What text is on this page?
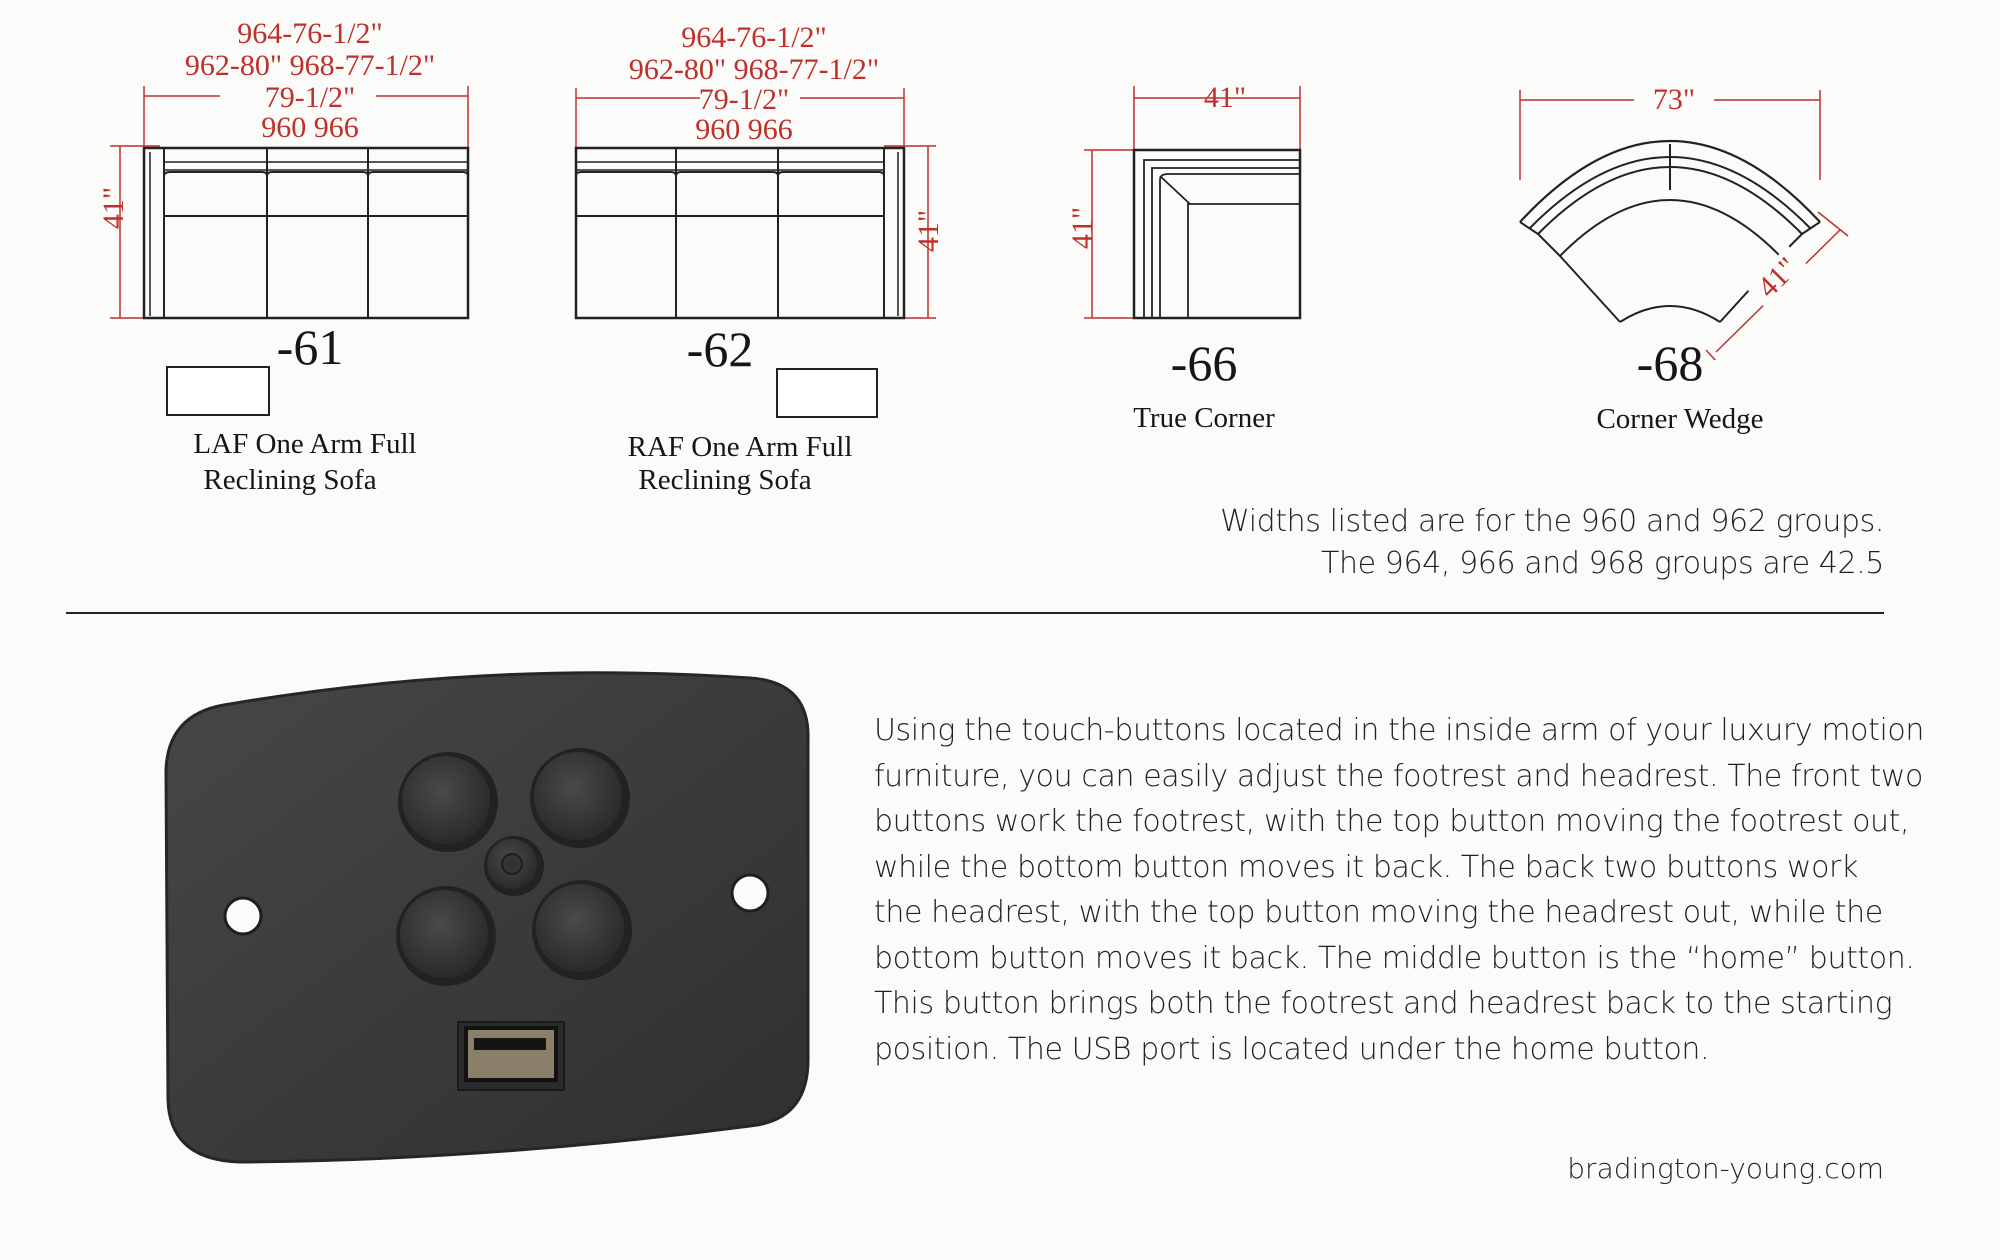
964-76-1/2"
962-80" 968-77-1/2"
79-1/2"
960 966
41"
-61
LAF One Arm Full
Reclining Sofa
964-76-1/2"
962-80" 968-77-1/2"
79-1/2"
960 966
41"
-62
RAF One Arm Full
Reclining Sofa
41"
41"
-66
True Corner
73"
41"
-68
Corner Wedge
Widths listed are for the 960 and 962 groups.
The 964, 966 and 968 groups are 42.5
Using the touch-buttons located in the inside arm of your luxury motion
furniture, you can easily adjust the footrest and headrest. The front two
buttons work the footrest, with the top button moving the footrest out,
while the bottom button moves it back. The back two buttons work
the headrest, with the top button moving the headrest out, while the
bottom button moves it back. The middle button is the “home” button.
This button brings both the footrest and headrest back to the starting
position. The USB port is located under the home button.
bradington-young.com
